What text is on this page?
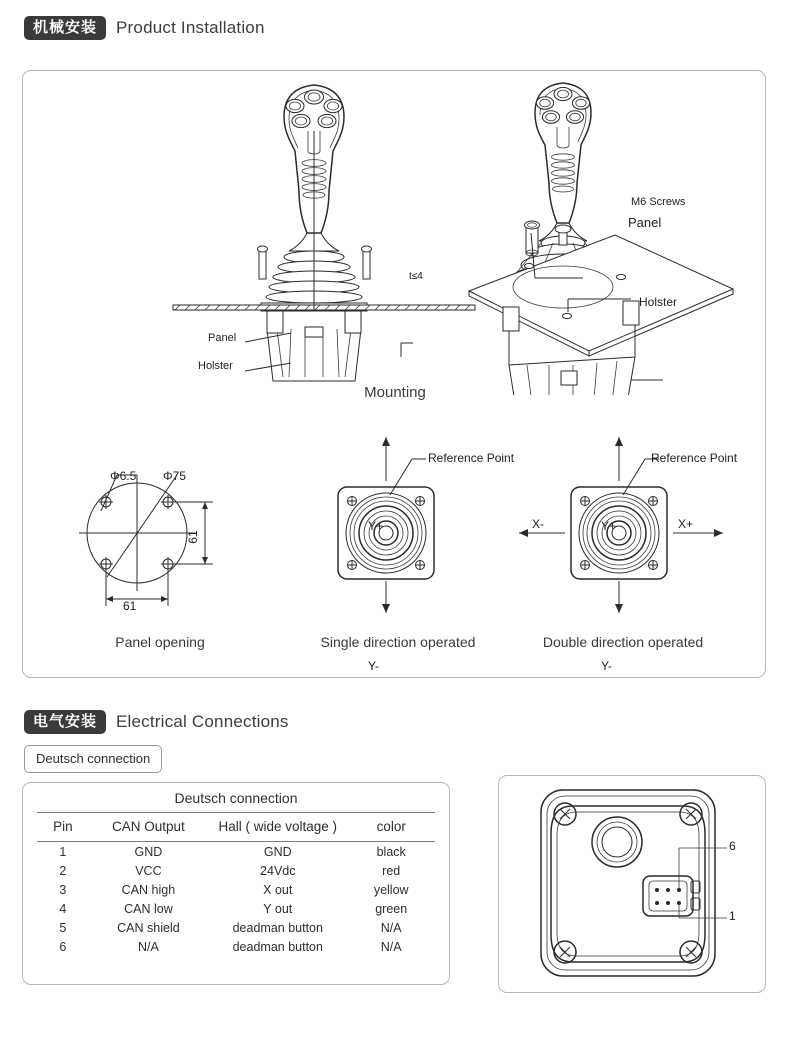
机械安装	Product Installation
Panel
Holster
t≤4
M6 Screws
Panel
Holster
Mounting
61
Φ6.5 Φ75
61
Panel opening
Y+
Y-
Reference Point
Single direction operated
Y+
Y-
X-	X+
Reference Point
Double direction operated
电气安装	Electrical Connections
Deutsch connection
Deutsch connection
Pin	CAN Output	Hall ( wide voltage )	color
1	GND	GND	black
2	VCC	24Vdc	red
3	CAN high	X out	yellow
4	CAN low	Y out	green
5	CAN shield	deadman button	N/A
6	N/A	deadman button	N/A
6
1
